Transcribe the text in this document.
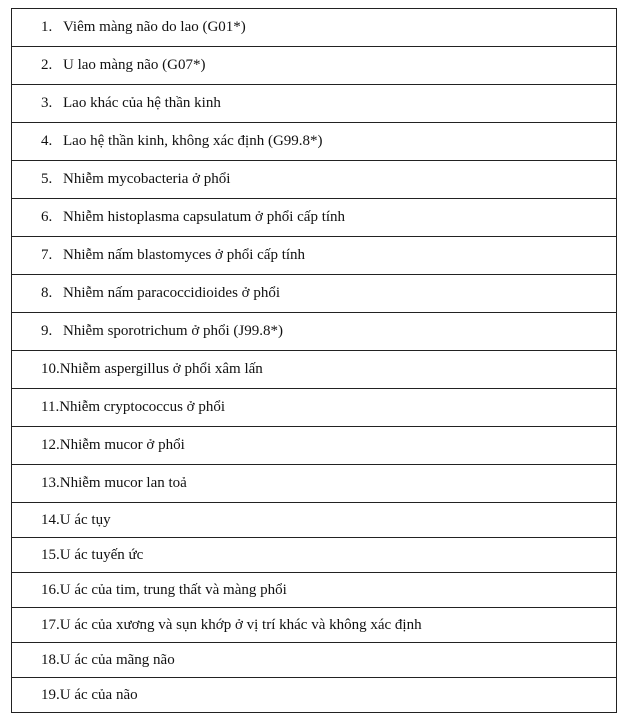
1. Viêm màng não do lao (G01*)
2. U lao màng não (G07*)
3. Lao khác của hệ thần kinh
4. Lao hệ thần kinh, không xác định (G99.8*)
5. Nhiễm mycobacteria ở phổi
6. Nhiễm histoplasma capsulatum ở phổi cấp tính
7. Nhiễm nấm blastomyces ở phổi cấp tính
8. Nhiễm nấm paracoccidioides ở phổi
9. Nhiễm sporotrichum ở phổi (J99.8*)
10.Nhiễm aspergillus ở phổi xâm lấn
11.Nhiễm cryptococcus ở phổi
12.Nhiễm mucor ở phổi
13.Nhiễm mucor lan toả
14.U ác tụy
15.U ác tuyến ức
16.U ác của tim, trung thất và màng phổi
17.U ác của xương và sụn khớp ở vị trí khác và không xác định
18.U ác của mãng não
19.U ác của não
